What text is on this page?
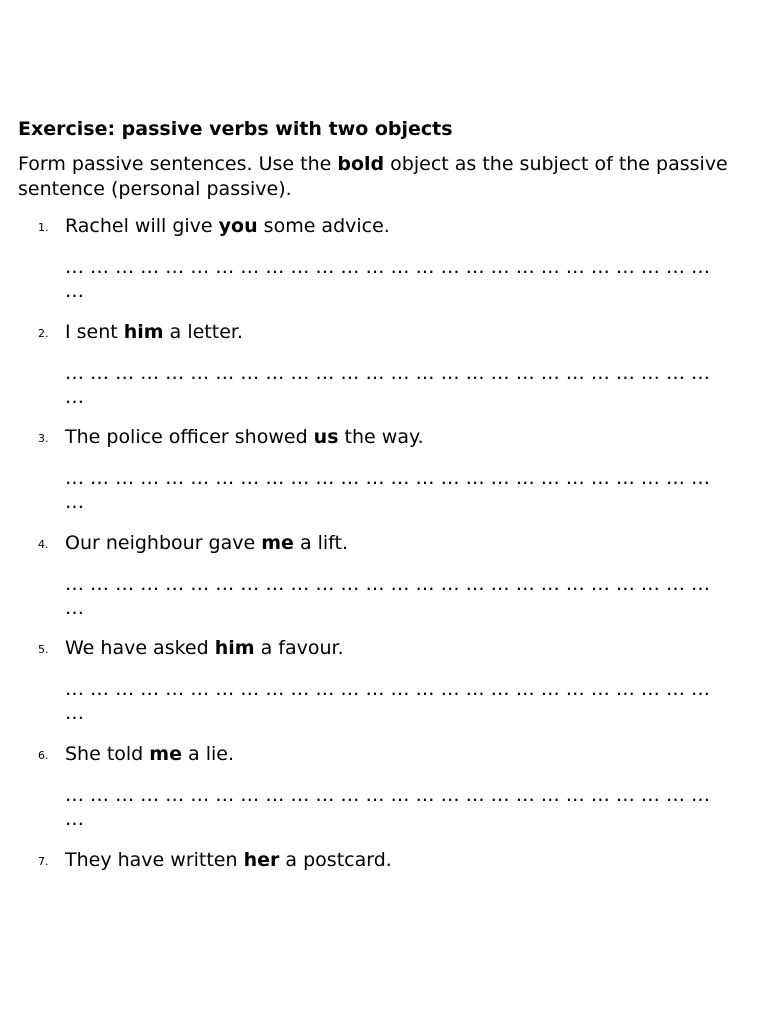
Exercise: passive verbs with two objects
Form passive sentences. Use the bold object as the subject of the passive sentence (personal passive).
1. Rachel will give you some advice.
… … … … … … … … … … … … … … … … … … … … … … … … … …
…
2. I sent him a letter.
… … … … … … … … … … … … … … … … … … … … … … … … … …
…
3. The police officer showed us the way.
… … … … … … … … … … … … … … … … … … … … … … … … … …
…
4. Our neighbour gave me a lift.
… … … … … … … … … … … … … … … … … … … … … … … … … …
…
5. We have asked him a favour.
… … … … … … … … … … … … … … … … … … … … … … … … … …
…
6. She told me a lie.
… … … … … … … … … … … … … … … … … … … … … … … … … …
…
7. They have written her a postcard.
